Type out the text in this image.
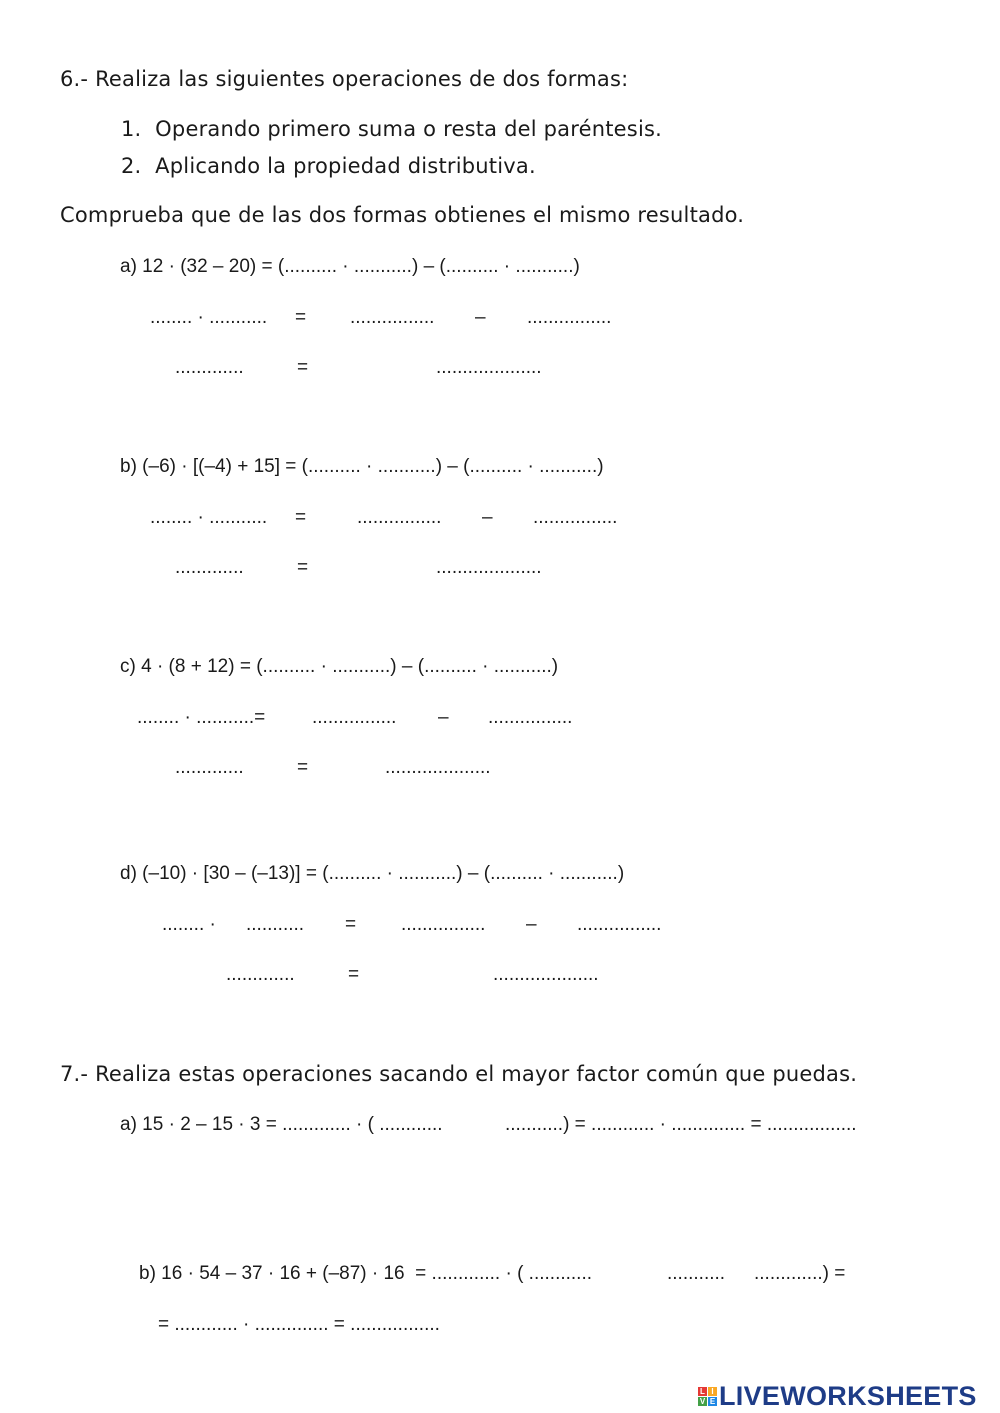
6.- Realiza las siguientes operaciones de dos formas:
1.  Operando primero suma o resta del paréntesis.
2.  Aplicando la propiedad distributiva.
Comprueba que de las dos formas obtienes el mismo resultado.
a) 12 · (32 – 20) = (.......... · ...........) – (.......... · ...........)
........ · ........... = ................ – ................
.............	=	....................
b) (–6) · [(–4) + 15] = (.......... · ...........) – (.......... · ...........)
........ · ........... =	................ – ................
.............	=	....................
c) 4 · (8 + 12) = (.......... · ...........) – (.......... · ...........)
........ · ...........= ................ – ................
.............	=	....................
d) (–10) · [30 – (–13)] = (.......... · ...........) – (.......... · ...........)
........ · ........... = ................ – ................
.............	=	....................
7.- Realiza estas operaciones sacando el mayor factor común que puedas.
a) 15 · 2 – 15 · 3 = ............. · ( ............	...........) = ............ · .............. = .................
b) 16 · 54 – 37 · 16 + (–87) · 16  = ............. · ( ............	........... .............) =
= ............ · .............. = .................
L I
V E LIVEWORKSHEETS
